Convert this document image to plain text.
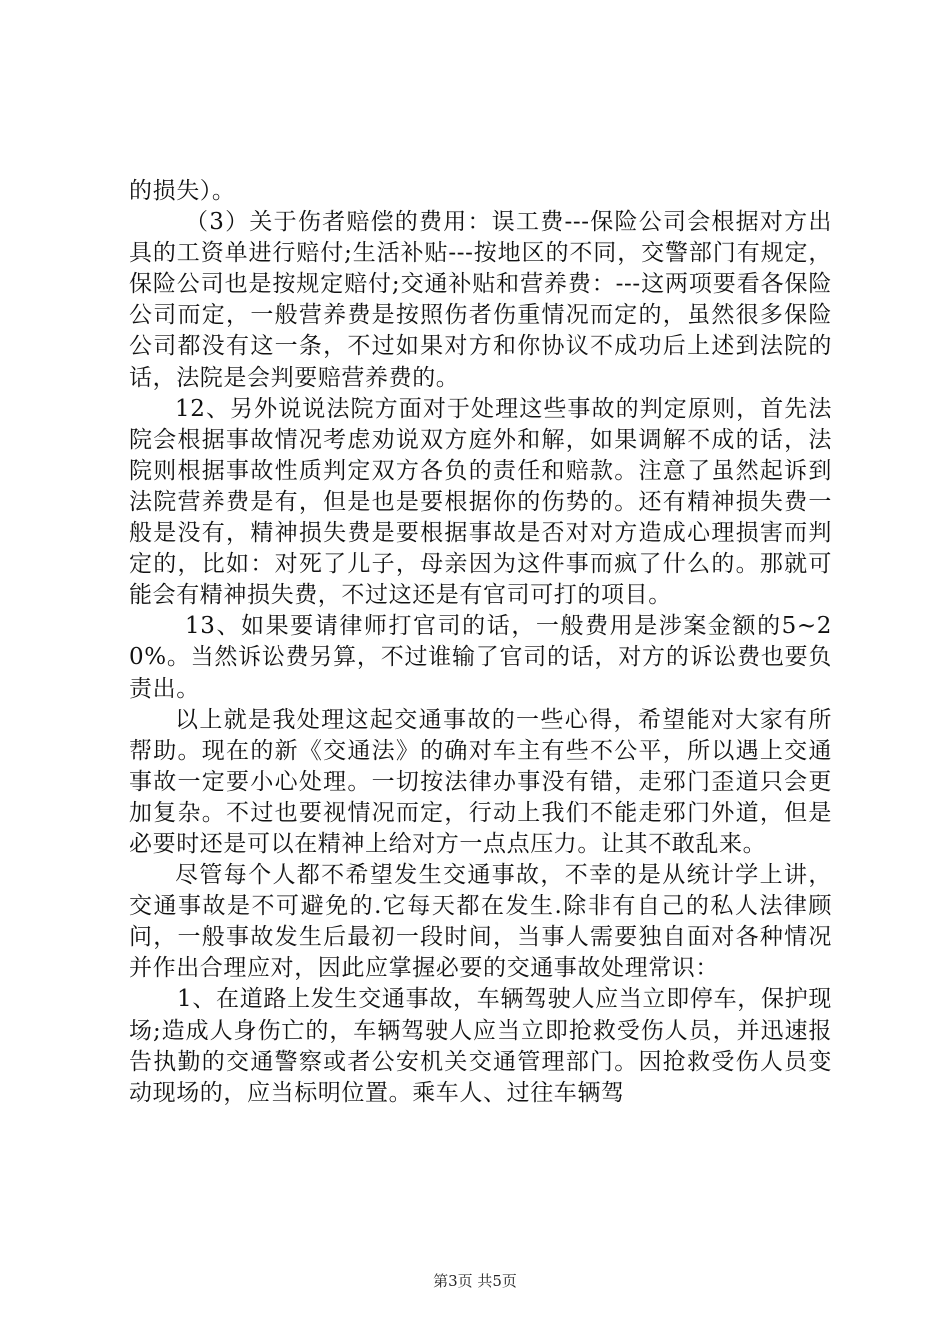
的损失）。

（3）关于伤者赔偿的费用：误工费---保险公司会根据对方出具的工资单进行赔付;生活补贴---按地区的不同，交警部门有规定，保险公司也是按规定赔付;交通补贴和营养费：---这两项要看各保险公司而定，一般营养费是按照伤者伤重情况而定的，虽然很多保险公司都没有这一条，不过如果对方和你协议不成功后上述到法院的话，法院是会判要赔营养费的。

12、另外说说法院方面对于处理这些事故的判定原则，首先法院会根据事故情况考虑劝说双方庭外和解，如果调解不成的话，法院则根据事故性质判定双方各负的责任和赔款。注意了虽然起诉到法院营养费是有，但是也是要根据你的伤势的。还有精神损失费一般是没有，精神损失费是要根据事故是否对对方造成心理损害而判定的，比如：对死了儿子，母亲因为这件事而疯了什么的。那就可能会有精神损失费，不过这还是有官司可打的项目。

13、如果要请律师打官司的话，一般费用是涉案金额的5~20%。当然诉讼费另算，不过谁输了官司的话，对方的诉讼费也要负责出。

以上就是我处理这起交通事故的一些心得，希望能对大家有所帮助。现在的新《交通法》的确对车主有些不公平，所以遇上交通事故一定要小心处理。一切按法律办事没有错，走邪门歪道只会更加复杂。不过也要视情况而定，行动上我们不能走邪门外道，但是必要时还是可以在精神上给对方一点点压力。让其不敢乱来。

尽管每个人都不希望发生交通事故，不幸的是从统计学上讲，交通事故是不可避免的.它每天都在发生.除非有自己的私人法律顾问，一般事故发生后最初一段时间，当事人需要独自面对各种情况并作出合理应对，因此应掌握必要的交通事故处理常识：

1、在道路上发生交通事故，车辆驾驶人应当立即停车，保护现场;造成人身伤亡的，车辆驾驶人应当立即抢救受伤人员，并迅速报告执勤的交通警察或者公安机关交通管理部门。因抢救受伤人员变动现场的，应当标明位置。乘车人、过往车辆驾

第3页 共5页
